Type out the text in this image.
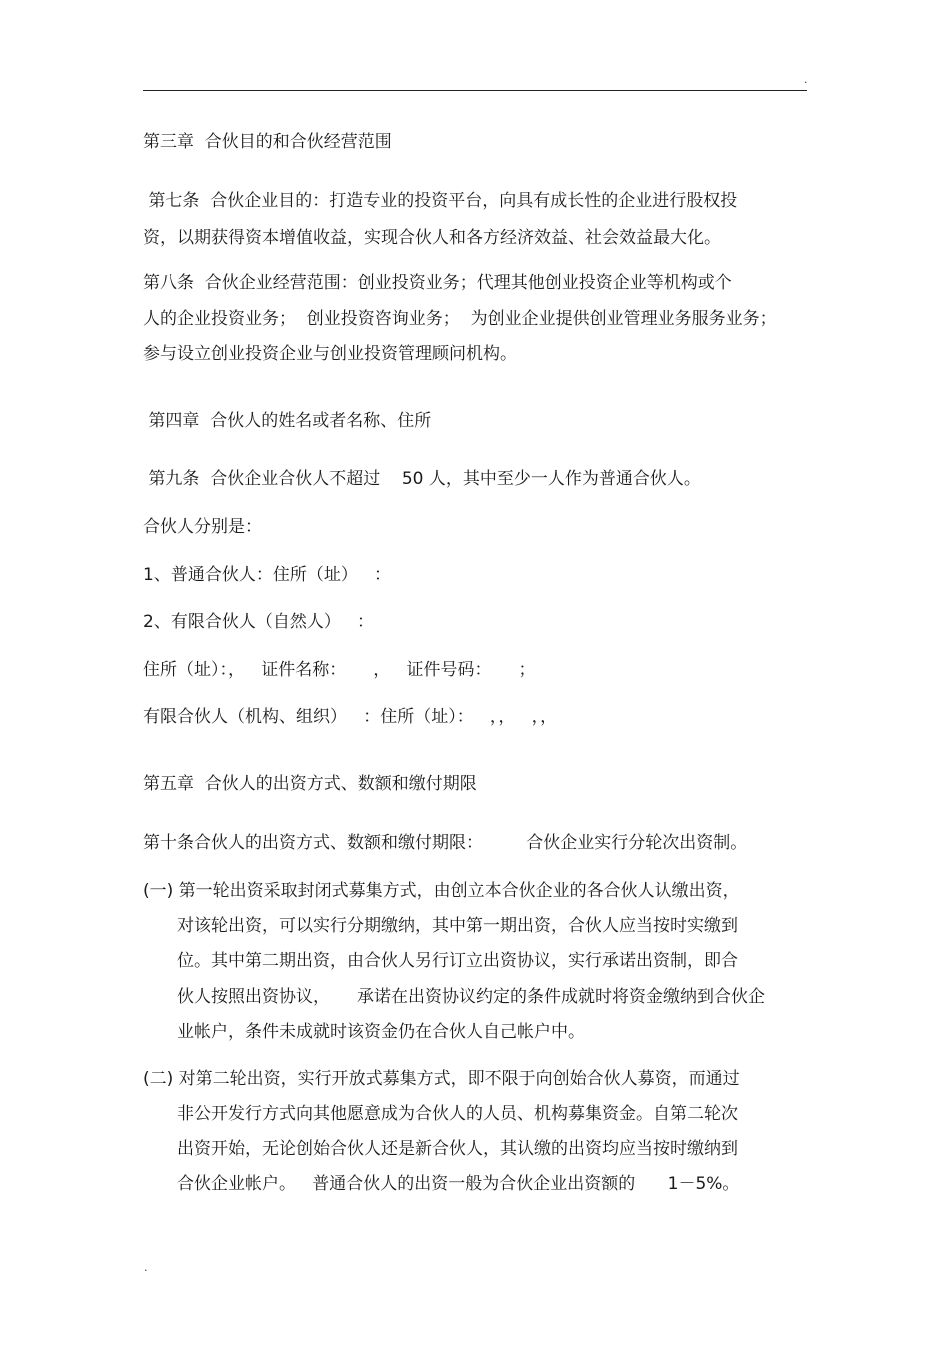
.
第三章  合伙目的和合伙经营范围
第七条  合伙企业目的：打造专业的投资平台，向具有成长性的企业进行股权投
资，以期获得资本增值收益，实现合伙人和各方经济效益、社会效益最大化。
第八条  合伙企业经营范围：创业投资业务；代理其他创业投资企业等机构或个
人的企业投资业务；  创业投资咨询业务；  为创业企业提供创业管理业务服务业务；
参与设立创业投资企业与创业投资管理顾问机构。
第四章  合伙人的姓名或者名称、住所
第九条  合伙企业合伙人不超过    50 人，其中至少一人作为普通合伙人。
合伙人分别是：
1、普通合伙人：住所（址）   ：
2、有限合伙人（自然人）   ：
住所（址）：，   证件名称：     ，   证件号码：     ；
有限合伙人（机构、组织）   ：住所（址）：   ，，   ，，
第五章  合伙人的出资方式、数额和缴付期限
第十条合伙人的出资方式、数额和缴付期限：        合伙企业实行分轮次出资制。
(一) 第一轮出资采取封闭式募集方式，由创立本合伙企业的各合伙人认缴出资，
对该轮出资，可以实行分期缴纳，其中第一期出资，合伙人应当按时实缴到
位。其中第二期出资，由合伙人另行订立出资协议，实行承诺出资制，即合
伙人按照出资协议，     承诺在出资协议约定的条件成就时将资金缴纳到合伙企
业帐户，条件未成就时该资金仍在合伙人自己帐户中。
(二) 对第二轮出资，实行开放式募集方式，即不限于向创始合伙人募资，而通过
非公开发行方式向其他愿意成为合伙人的人员、机构募集资金。自第二轮次
出资开始，无论创始合伙人还是新合伙人，其认缴的出资均应当按时缴纳到
合伙企业帐户。   普通合伙人的出资一般为合伙企业出资额的      1－5%。
.
